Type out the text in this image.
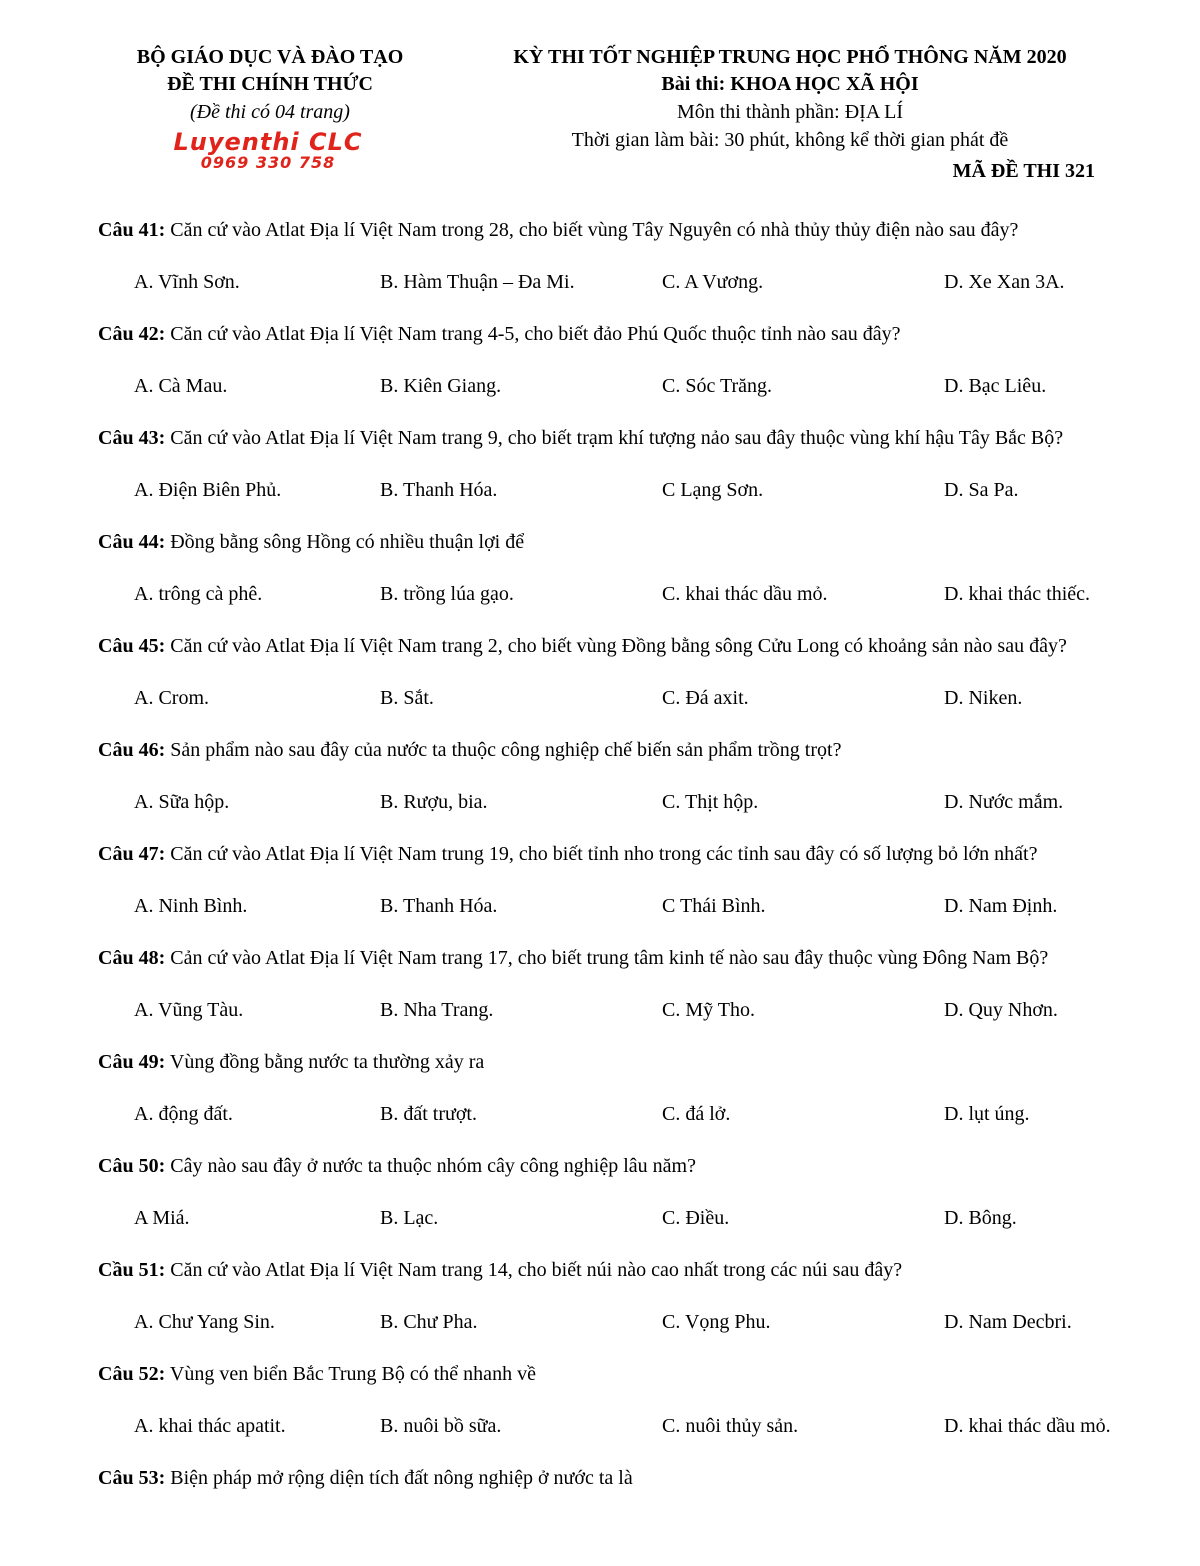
BỘ GIÁO DỤC VÀ ĐÀO TẠO
ĐỀ THI CHÍNH THỨC
(Đề thi có 04 trang)
Luyenthi CLC
0969 330 758
KỲ THI TỐT NGHIỆP TRUNG HỌC PHỔ THÔNG NĂM 2020
Bài thi: KHOA HỌC XÃ HỘI
Môn thi thành phần: ĐỊA LÍ
Thời gian làm bài: 30 phút, không kể thời gian phát đề
MÃ ĐỀ THI 321
Câu 41: Căn cứ vào Atlat Địa lí Việt Nam trong 28, cho biết vùng Tây Nguyên có nhà thủy thủy điện nào sau đây?
A. Vĩnh Sơn.	B. Hàm Thuận – Đa Mi.	C. A Vương.	D. Xe Xan 3A.
Câu 42: Căn cứ vào Atlat Địa lí Việt Nam trang 4-5, cho biết đảo Phú Quốc thuộc tỉnh nào sau đây?
A. Cà Mau.	B. Kiên Giang.	C. Sóc Trăng.	D. Bạc Liêu.
Câu 43: Căn cứ vào Atlat Địa lí Việt Nam trang 9, cho biết trạm khí tượng nảo sau đây thuộc vùng khí hậu Tây Bắc Bộ?
A. Điện Biên Phủ.	B. Thanh Hóa.	C Lạng Sơn.	D. Sa Pa.
Câu 44: Đồng bằng sông Hồng có nhiều thuận lợi để
A. trông cà phê.	B. trồng lúa gạo.	C. khai thác dầu mỏ.	D. khai thác thiếc.
Câu 45: Căn cứ vào Atlat Địa lí Việt Nam trang 2, cho biết vùng Đồng bằng sông Cửu Long có khoảng sản nào sau đây?
A. Crom.	B. Sắt.	C. Đá axit.	D. Niken.
Câu 46: Sản phẩm nào sau đây của nước ta thuộc công nghiệp chế biến sản phẩm trồng trọt?
A. Sữa hộp.	B. Rượu, bia.	C. Thịt hộp.	D. Nước mắm.
Câu 47: Căn cứ vào Atlat Địa lí Việt Nam trung 19, cho biết tỉnh nho trong các tỉnh sau đây có số lượng bỏ lớn nhất?
A. Ninh Bình.	B. Thanh Hóa.	C Thái Bình.	D. Nam Định.
Câu 48: Cản cứ vào Atlat Địa lí Việt Nam trang 17, cho biết trung tâm kinh tế nào sau đây thuộc vùng Đông Nam Bộ?
A. Vũng Tàu.	B. Nha Trang.	C. Mỹ Tho.	D. Quy Nhơn.
Câu 49: Vùng đồng bằng nước ta thường xảy ra
A. động đất.	B. đất trượt.	C. đá lở.	D. lụt úng.
Câu 50: Cây nào sau đây ở nước ta thuộc nhóm cây công nghiệp lâu năm?
A Miá.	B. Lạc.	C. Điều.	D. Bông.
Cầu 51: Căn cứ vào Atlat Địa lí Việt Nam trang 14, cho biết núi nào cao nhất trong các núi sau đây?
A. Chư Yang Sin.	B. Chư Pha.	C. Vọng Phu.	D. Nam Decbri.
Câu 52: Vùng ven biển Bắc Trung Bộ có thể nhanh về
A. khai thác apatit.	B. nuôi bồ sữa.	C. nuôi thủy sản.	D. khai thác dầu mỏ.
Câu 53: Biện pháp mở rộng diện tích đất nông nghiệp ở nước ta là
